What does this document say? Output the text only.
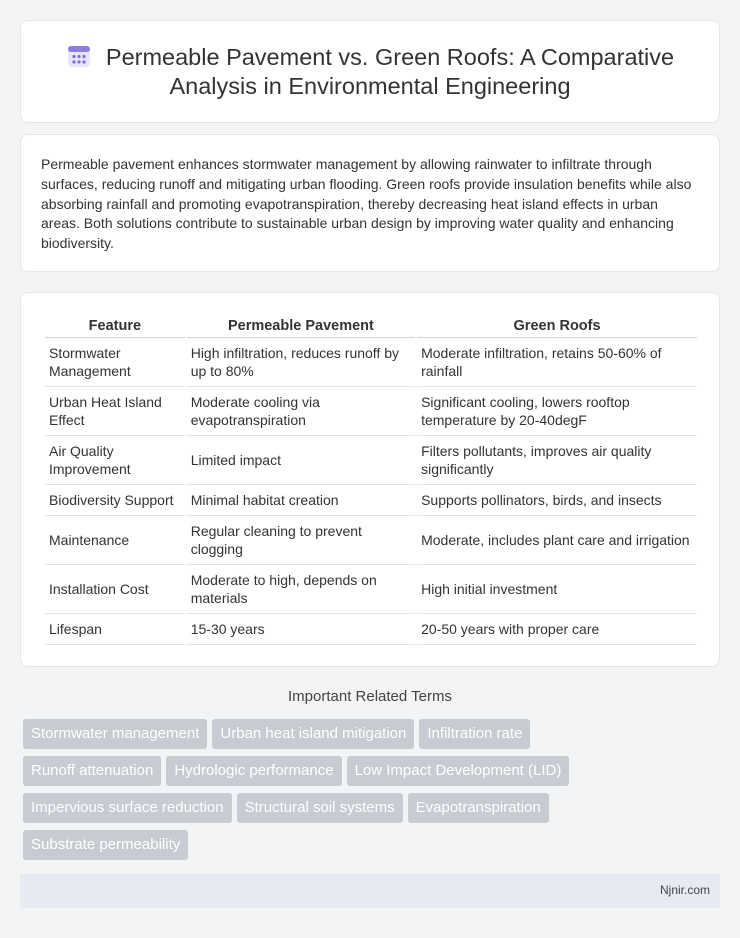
Permeable Pavement vs. Green Roofs: A Comparative
Analysis in Environmental Engineering

Permeable pavement enhances stormwater management by allowing rainwater to infiltrate through surfaces, reducing runoff and mitigating urban flooding. Green roofs provide insulation benefits while also absorbing rainfall and promoting evapotranspiration, thereby decreasing heat island effects in urban areas. Both solutions contribute to sustainable urban design by improving water quality and enhancing biodiversity.

Feature	Permeable Pavement	Green Roofs
Stormwater Management	High infiltration, reduces runoff by up to 80%	Moderate infiltration, retains 50-60% of rainfall
Urban Heat Island Effect	Moderate cooling via evapotranspiration	Significant cooling, lowers rooftop temperature by 20-40degF
Air Quality Improvement	Limited impact	Filters pollutants, improves air quality significantly
Biodiversity Support	Minimal habitat creation	Supports pollinators, birds, and insects
Maintenance	Regular cleaning to prevent clogging	Moderate, includes plant care and irrigation
Installation Cost	Moderate to high, depends on materials	High initial investment
Lifespan	15-30 years	20-50 years with proper care
Important Related Terms
Stormwater management Urban heat island mitigation Infiltration rate
Runoff attenuation Hydrologic performance Low Impact Development (LID)
Impervious surface reduction Structural soil systems Evapotranspiration
Substrate permeability
Njnir.com
